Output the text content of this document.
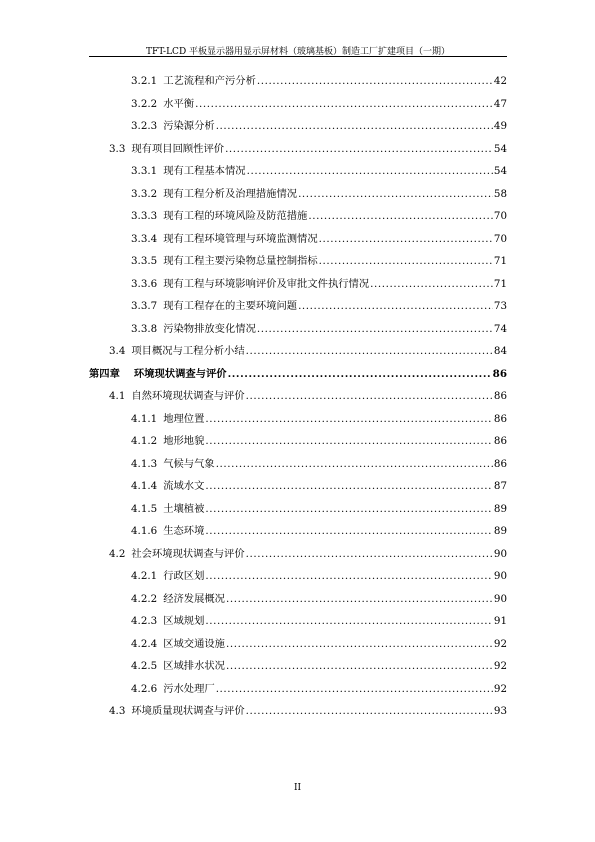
TFT-LCD 平板显示器用显示屏材料（玻璃基板）制造工厂扩建项目（一期）
3.2.1 工艺流程和产污分析 .....	42
3.2.2 水平衡 .....	47
3.2.3 污染源分析 .....	49
3.3 现有项目回顾性评价 .....	54
3.3.1 现有工程基本情况 .....	54
3.3.2 现有工程分析及治理措施情况 .....	58
3.3.3 现有工程的环境风险及防范措施 .....	70
3.3.4 现有工程环境管理与环境监测情况 .....	70
3.3.5 现有工程主要污染物总量控制指标 .....	71
3.3.6 现有工程与环境影响评价及审批文件执行情况 .....	71
3.3.7 现有工程存在的主要环境问题 .....	73
3.3.8 污染物排放变化情况 .....	74
3.4 项目概况与工程分析小结 .....	84
第四章 环境现状调查与评价 .....	86
4.1 自然环境现状调查与评价 .....	86
4.1.1 地理位置 .....	86
4.1.2 地形地貌 .....	86
4.1.3 气候与气象 .....	86
4.1.4 流域水文 .....	87
4.1.5 土壤植被 .....	89
4.1.6 生态环境 .....	89
4.2 社会环境现状调查与评价 .....	90
4.2.1 行政区划 .....	90
4.2.2 经济发展概况 .....	90
4.2.3 区域规划 .....	91
4.2.4 区域交通设施 .....	92
4.2.5 区域排水状况 .....	92
4.2.6 污水处理厂 .....	92
4.3 环境质量现状调查与评价 .....	93
II
